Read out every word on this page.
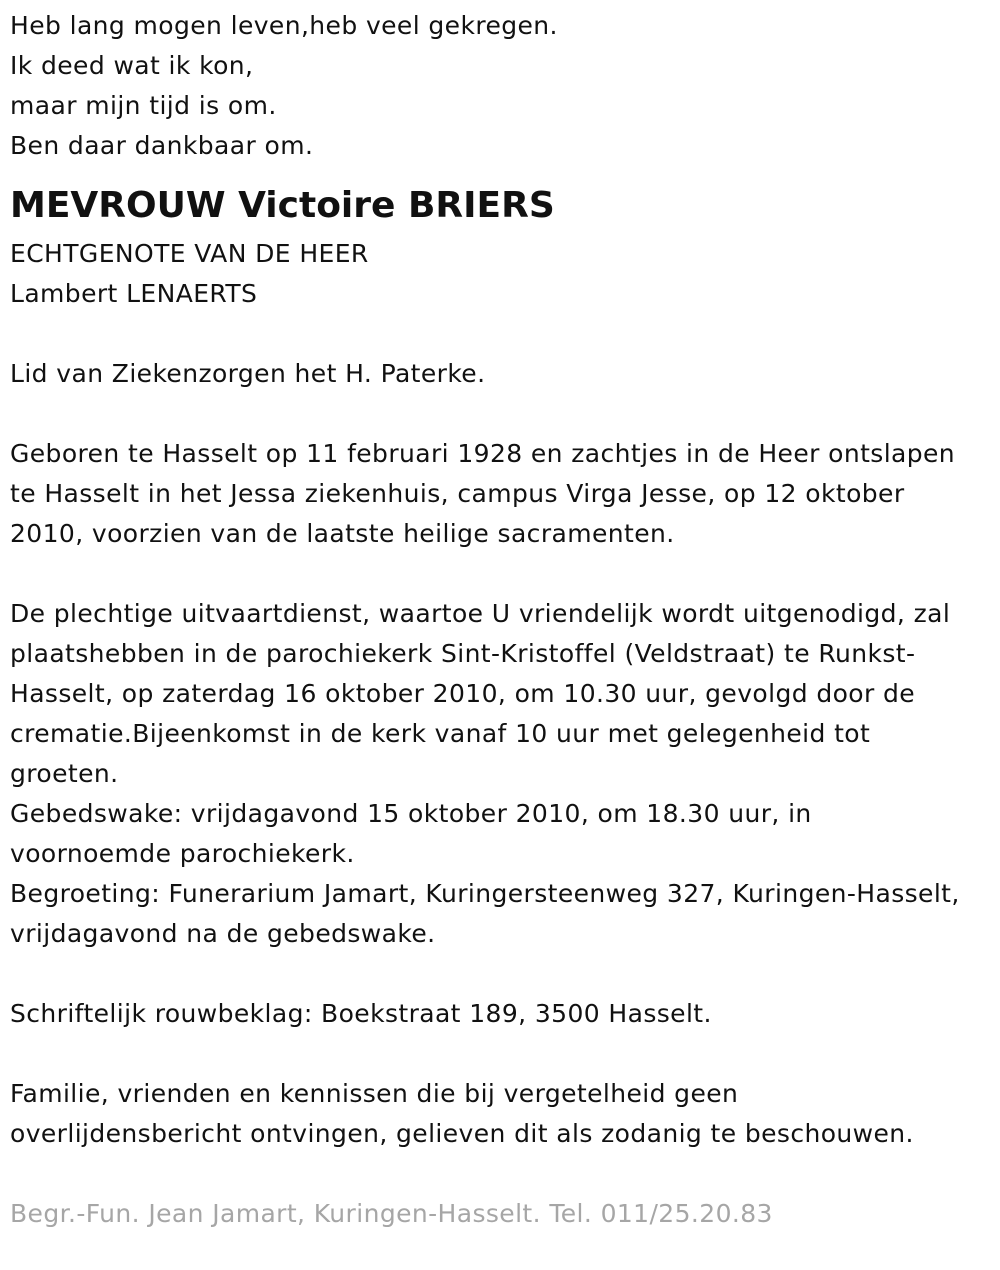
Heb lang mogen leven,heb veel gekregen.
Ik deed wat ik kon,
maar mijn tijd is om.
Ben daar dankbaar om.
MEVROUW Victoire BRIERS
ECHTGENOTE VAN DE HEER
Lambert LENAERTS
Lid van Ziekenzorgen het H. Paterke.
Geboren te Hasselt op 11 februari 1928 en zachtjes in de Heer ontslapen
te Hasselt in het Jessa ziekenhuis, campus Virga Jesse, op 12 oktober
2010, voorzien van de laatste heilige sacramenten.
De plechtige uitvaartdienst, waartoe U vriendelijk wordt uitgenodigd, zal
plaatshebben in de parochiekerk Sint-Kristoffel (Veldstraat) te Runkst-
Hasselt, op zaterdag 16 oktober 2010, om 10.30 uur, gevolgd door de
crematie.Bijeenkomst in de kerk vanaf 10 uur met gelegenheid tot
groeten.
Gebedswake: vrijdagavond 15 oktober 2010, om 18.30 uur, in
voornoemde parochiekerk.
Begroeting: Funerarium Jamart, Kuringersteenweg 327, Kuringen-Hasselt,
vrijdagavond na de gebedswake.
Schriftelijk rouwbeklag: Boekstraat 189, 3500 Hasselt.
Familie, vrienden en kennissen die bij vergetelheid geen
overlijdensbericht ontvingen, gelieven dit als zodanig te beschouwen.
Begr.-Fun. Jean Jamart, Kuringen-Hasselt. Tel. 011/25.20.83
